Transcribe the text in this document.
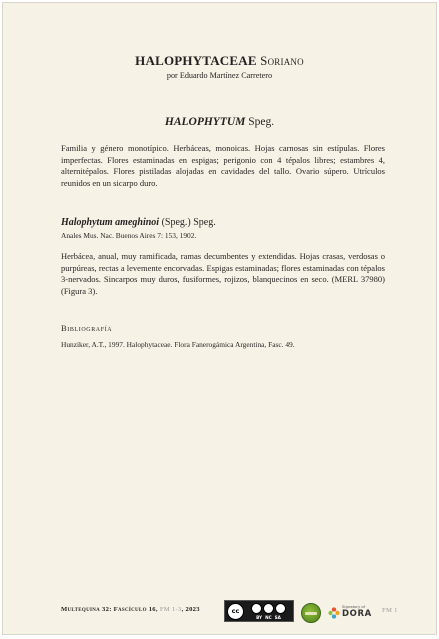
HALOPHYTACEAE Soriano
por Eduardo Martínez Carretero
HALOPHYTUM Speg.
Familia y género monotípico. Herbáceas, monoicas. Hojas carnosas sin estípulas. Flores imperfectas. Flores estaminadas en espigas; perigonio con 4 tépalos libres; estambres 4, alternitépalos. Flores pistiladas alojadas en cavidades del tallo. Ovario súpero. Utrículos reunidos en un sicarpo duro.
Halophytum ameghinoi (Speg.) Speg.
Anales Mus. Nac. Buenos Aires 7: 153, 1902.
Herbácea, anual, muy ramificada, ramas decumbentes y extendidas. Hojas crasas, verdosas o purpúreas, rectas a levemente encorvadas. Espigas estaminadas; flores estaminadas con tépalos 3-nervados. Sincarpos muy duros, fusiformes, rojizos, blanquecinos en seco. (MERL 37980) (Figura 3).
Bibliografía
Hunziker, A.T., 1997. Halophytaceae. Flora Fanerogámica Argentina, Fasc. 49.
Multequina 32: Fascículo 16, FM 1-3, 2023	cc
BY NC SA
Signatory of
DORA FM 1
